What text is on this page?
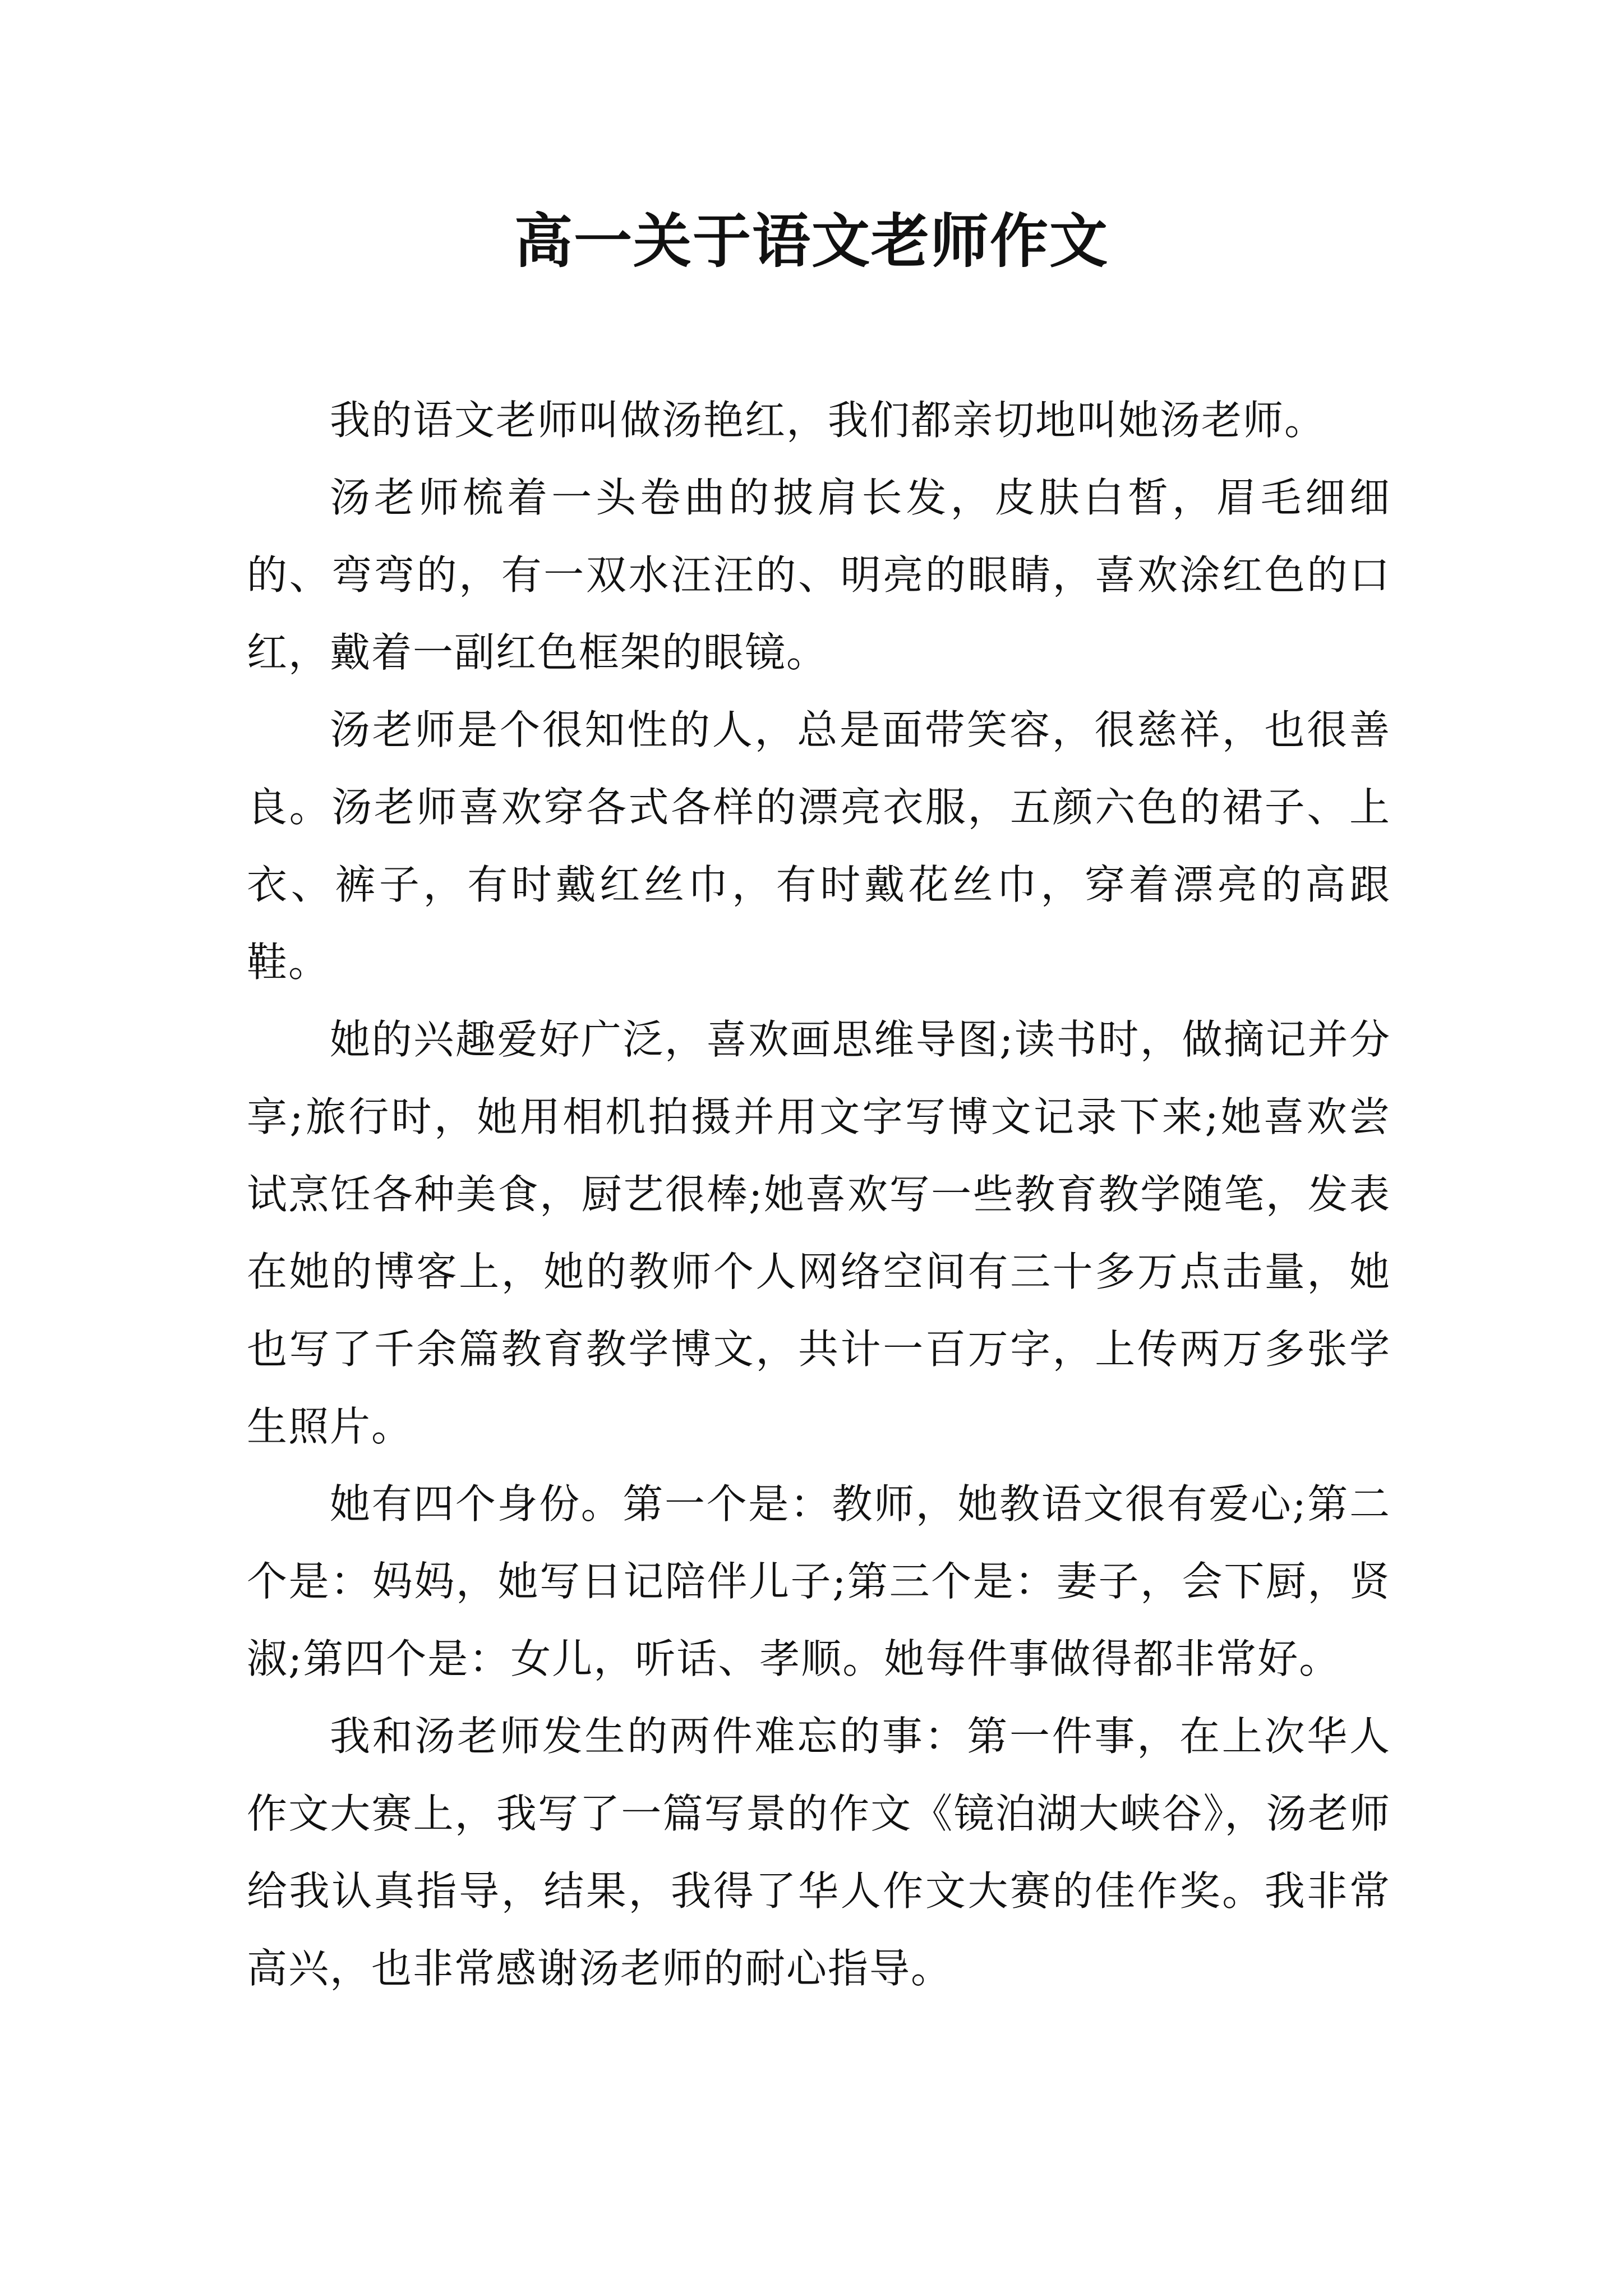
高一关于语文老师作文

我的语文老师叫做汤艳红，我们都亲切地叫她汤老师。

汤老师梳着一头卷曲的披肩长发，皮肤白皙，眉毛细细的、弯弯的，有一双水汪汪的、明亮的眼睛，喜欢涂红色的口红，戴着一副红色框架的眼镜。

汤老师是个很知性的人，总是面带笑容，很慈祥，也很善良。汤老师喜欢穿各式各样的漂亮衣服，五颜六色的裙子、上衣、裤子，有时戴红丝巾，有时戴花丝巾，穿着漂亮的高跟鞋。

她的兴趣爱好广泛，喜欢画思维导图;读书时，做摘记并分享;旅行时，她用相机拍摄并用文字写博文记录下来;她喜欢尝试烹饪各种美食，厨艺很棒;她喜欢写一些教育教学随笔，发表在她的博客上，她的教师个人网络空间有三十多万点击量，她也写了千余篇教育教学博文，共计一百万字，上传两万多张学生照片。

她有四个身份。第一个是：教师，她教语文很有爱心;第二个是：妈妈，她写日记陪伴儿子;第三个是：妻子，会下厨，贤淑;第四个是：女儿，听话、孝顺。她每件事做得都非常好。

我和汤老师发生的两件难忘的事：第一件事，在上次华人作文大赛上，我写了一篇写景的作文《镜泊湖大峡谷》，汤老师给我认真指导，结果，我得了华人作文大赛的佳作奖。我非常高兴，也非常感谢汤老师的耐心指导。
